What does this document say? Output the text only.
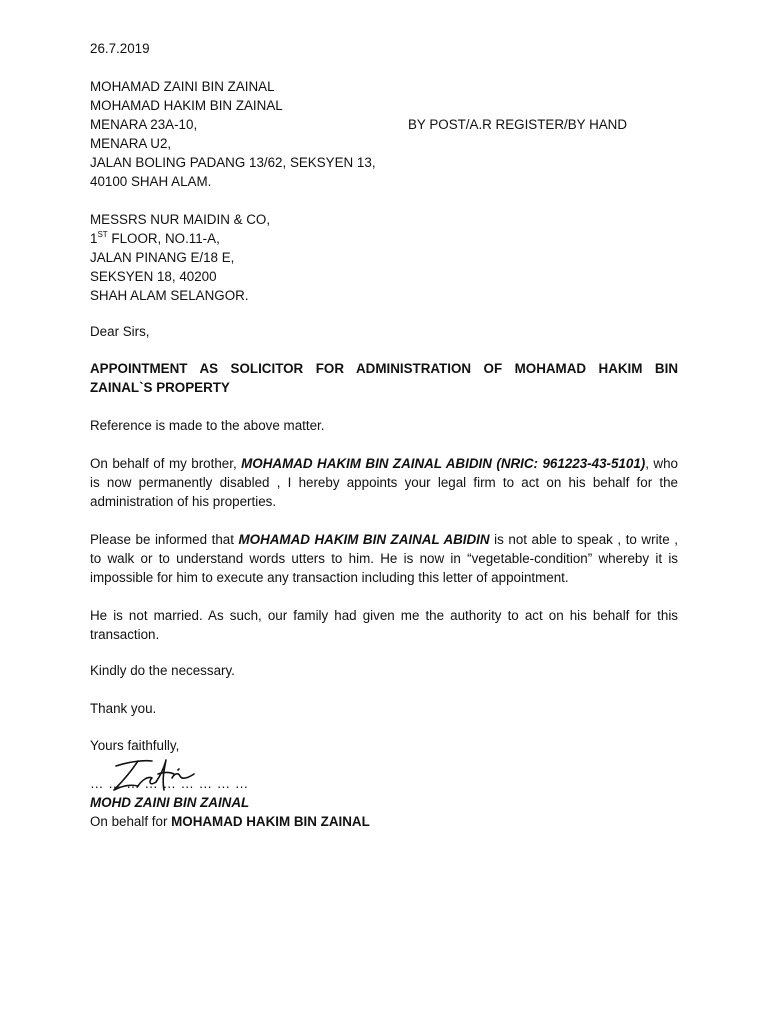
26.7.2019
MOHAMAD ZAINI BIN ZAINAL
MOHAMAD HAKIM BIN ZAINAL
MENARA 23A-10,
MENARA U2,
JALAN BOLING PADANG 13/62, SEKSYEN 13,
40100 SHAH ALAM.
BY POST/A.R REGISTER/BY HAND
MESSRS NUR MAIDIN & CO,
1ST FLOOR, NO.11-A,
JALAN PINANG E/18 E,
SEKSYEN 18, 40200
SHAH ALAM SELANGOR.
Dear Sirs,
APPOINTMENT AS SOLICITOR FOR ADMINISTRATION OF MOHAMAD HAKIM BIN
ZAINAL`S PROPERTY
Reference is made to the above matter.
On behalf of my brother, MOHAMAD HAKIM BIN ZAINAL ABIDIN (NRIC: 961223-43-5101), who is now permanently disabled , I hereby appoints your legal firm to act on his behalf for the administration of his properties.
Please be informed that MOHAMAD HAKIM BIN ZAINAL ABIDIN is not able to speak , to write , to walk or to understand words utters to him. He is now in “vegetable-condition” whereby it is impossible for him to execute any transaction including this letter of appointment.
He is not married. As such, our family had given me the authority to act on his behalf for this transaction.
Kindly do the necessary.
Thank you.
Yours faithfully,
… … … … … … … … …
MOHD ZAINI BIN ZAINAL
On behalf for MOHAMAD HAKIM BIN ZAINAL
